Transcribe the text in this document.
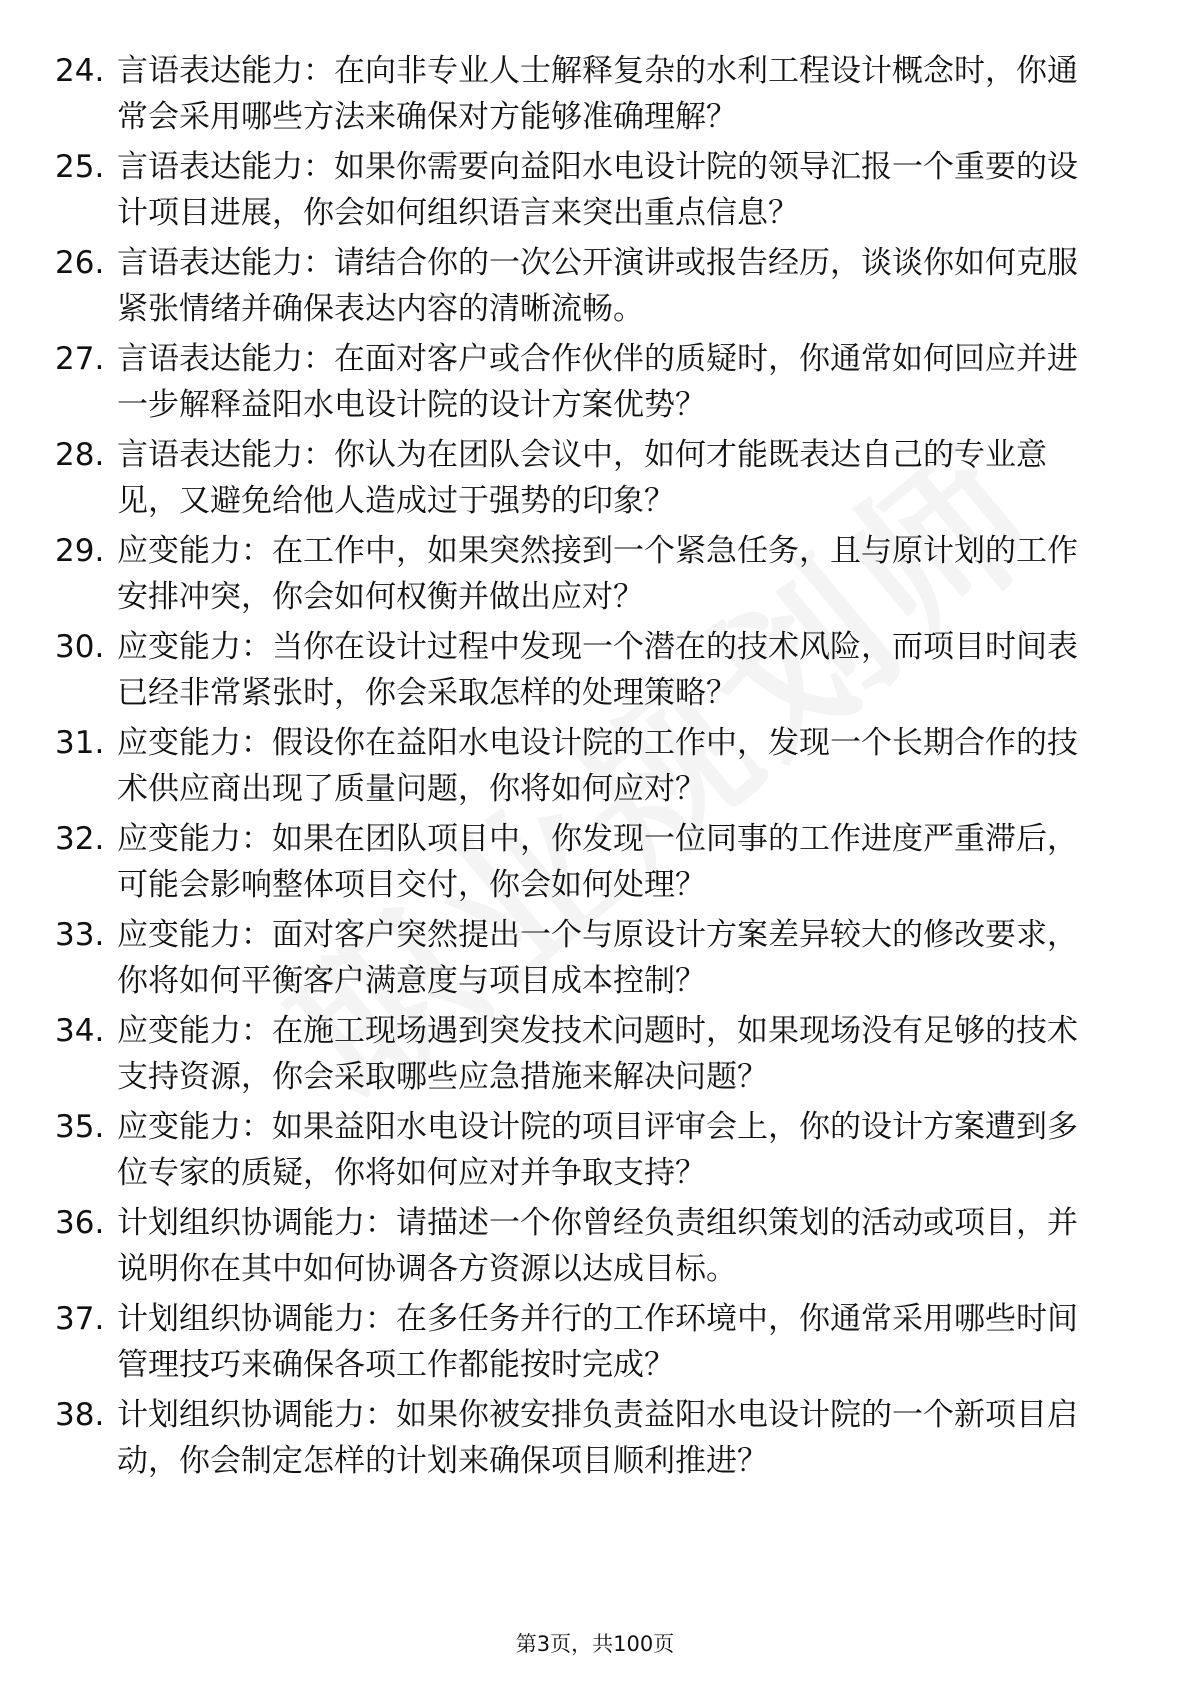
24. 言语表达能力：在向非专业人士解释复杂的水利工程设计概念时，你通常会采用哪些方法来确保对方能够准确理解？
25. 言语表达能力：如果你需要向益阳水电设计院的领导汇报一个重要的设计项目进展，你会如何组织语言来突出重点信息？
26. 言语表达能力：请结合你的一次公开演讲或报告经历，谈谈你如何克服紧张情绪并确保表达内容的清晰流畅。
27. 言语表达能力：在面对客户或合作伙伴的质疑时，你通常如何回应并进一步解释益阳水电设计院的设计方案优势？
28. 言语表达能力：你认为在团队会议中，如何才能既表达自己的专业意见，又避免给他人造成过于强势的印象？
29. 应变能力：在工作中，如果突然接到一个紧急任务，且与原计划的工作安排冲突，你会如何权衡并做出应对？
30. 应变能力：当你在设计过程中发现一个潜在的技术风险，而项目时间表已经非常紧张时，你会采取怎样的处理策略？
31. 应变能力：假设你在益阳水电设计院的工作中，发现一个长期合作的技术供应商出现了质量问题，你将如何应对？
32. 应变能力：如果在团队项目中，你发现一位同事的工作进度严重滞后，可能会影响整体项目交付，你会如何处理？
33. 应变能力：面对客户突然提出一个与原设计方案差异较大的修改要求，你将如何平衡客户满意度与项目成本控制？
34. 应变能力：在施工现场遇到突发技术问题时，如果现场没有足够的技术支持资源，你会采取哪些应急措施来解决问题？
35. 应变能力：如果益阳水电设计院的项目评审会上，你的设计方案遭到多位专家的质疑，你将如何应对并争取支持？
36. 计划组织协调能力：请描述一个你曾经负责组织策划的活动或项目，并说明你在其中如何协调各方资源以达成目标。
37. 计划组织协调能力：在多任务并行的工作环境中，你通常采用哪些时间管理技巧来确保各项工作都能按时完成？
38. 计划组织协调能力：如果你被安排负责益阳水电设计院的一个新项目启动，你会制定怎样的计划来确保项目顺利推进？
第3页，共100页
